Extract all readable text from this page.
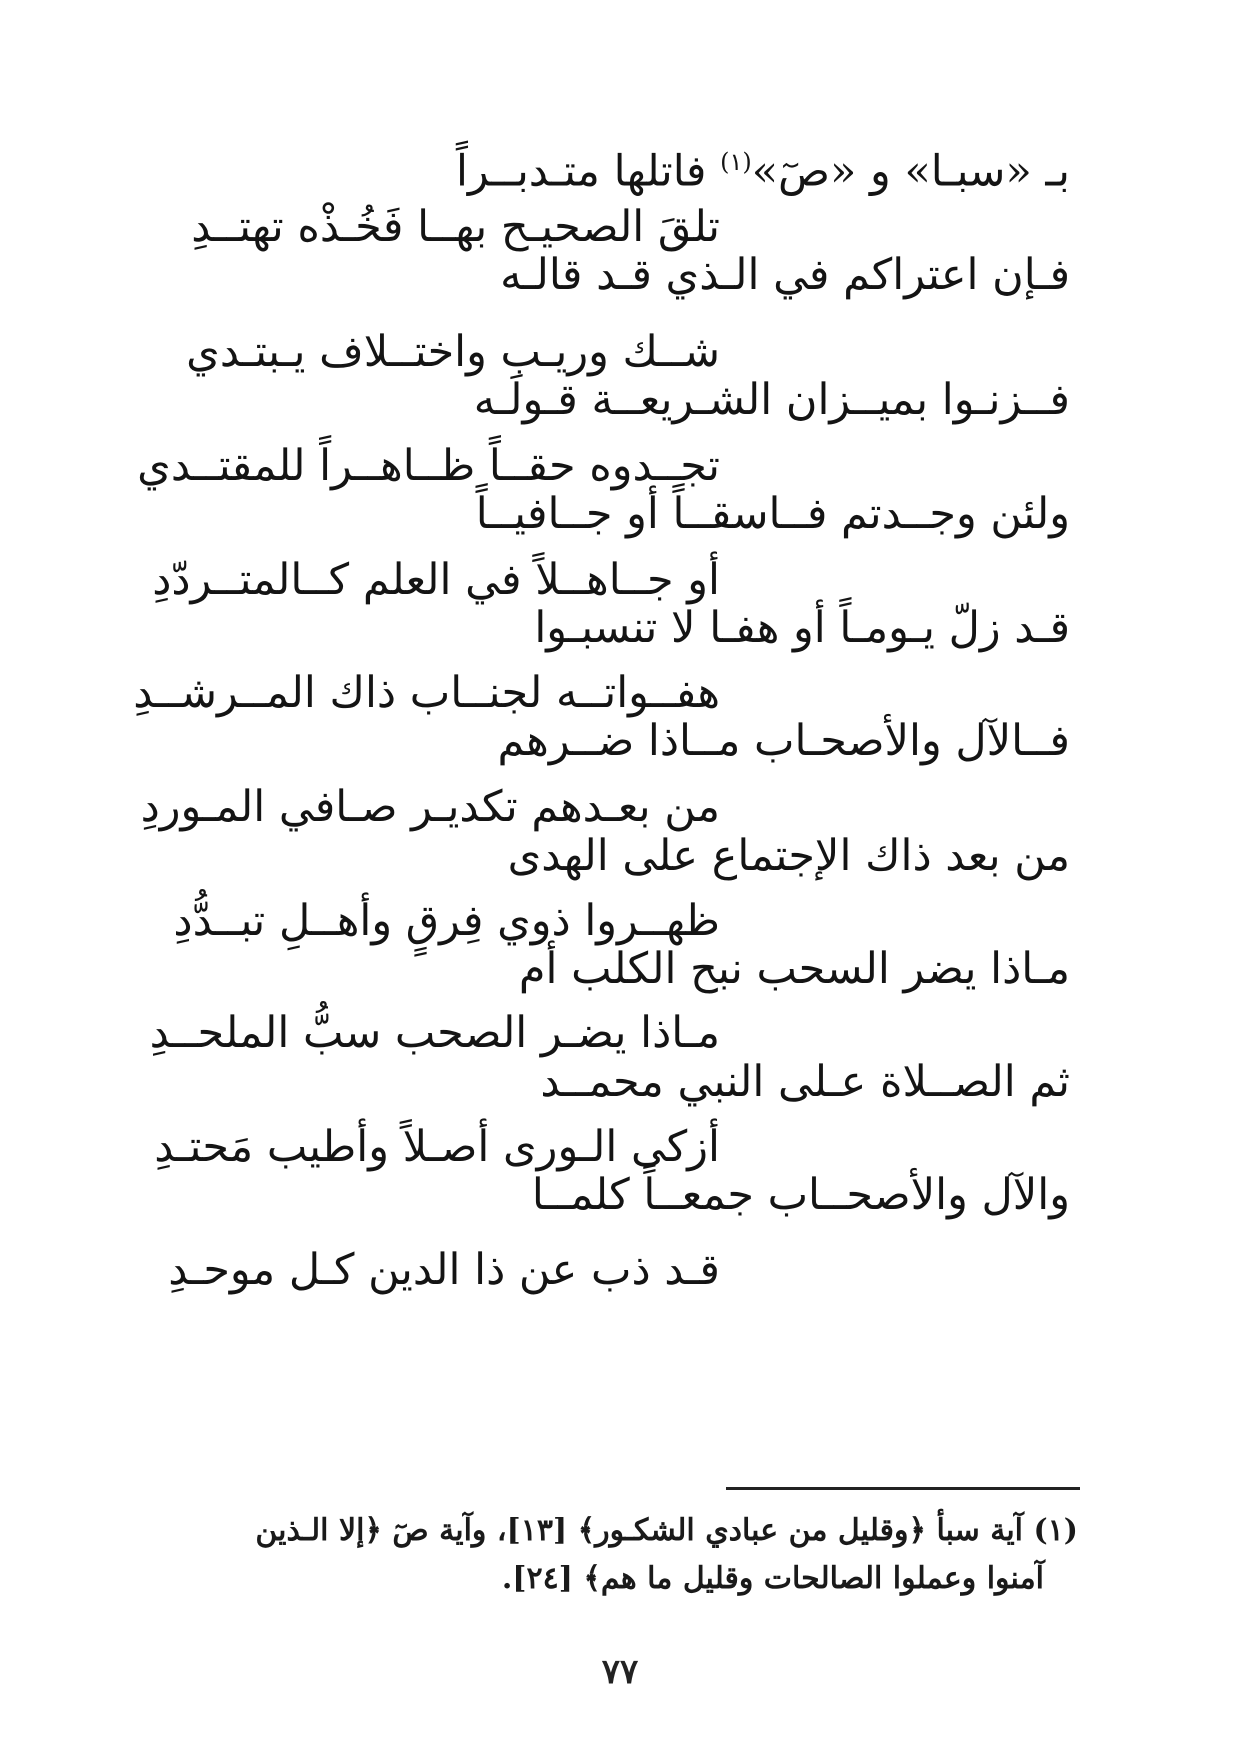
بـ «سبـا» و «صٓ»$^{(١)}$ فاتلها متـدبــراً
تلقَ الصحيـح بهــا فَخُـذْه تهتــدِ
فـإن اعتراكم في الـذي قـد قالـه
شــك وريـب واختــلاف يـبتـدي
فــزنـوا بميــزان الشـريعــة قـولَـه
تجــدوه حقــاً ظــاهــراً للمقتــدي
ولئن وجــدتم فــاسقــاً أو جــافيــاً
أو جــاهــلاً في العلم كــالمتــردّدِ
قـد زلّ يـومـاً أو هفـا لا تنسبـوا
هفــواتــه لجنــاب ذاك المــرشــدِ
فــالآل والأصحـاب مــاذا ضــرهم
من بعـدهم تكديـر صـافي المـوردِ
من بعد ذاك الإجتماع على الهدى
ظهــروا ذوي فِرقٍ وأهــلِ تبــدُّدِ
مـاذا يضر السحب نبح الكلب أم
مـاذا يضـر الصحب سبُّ الملحــدِ
ثم الصــلاة عـلى النبي محمــد
أزكى الـورى أصـلاً وأطيب مَحتـدِ
والآل والأصحــاب جمعــاً كلمــا
قـد ذب عن ذا الدين كـل موحـدِ
(١) آية سبأ ﴿وقليل من عبادي الشكـور﴾ [١٣]، وآية صٓ ﴿إلا الـذين
آمنوا وعملوا الصالحات وقليل ما هم﴾ [٢٤].
٧٧
